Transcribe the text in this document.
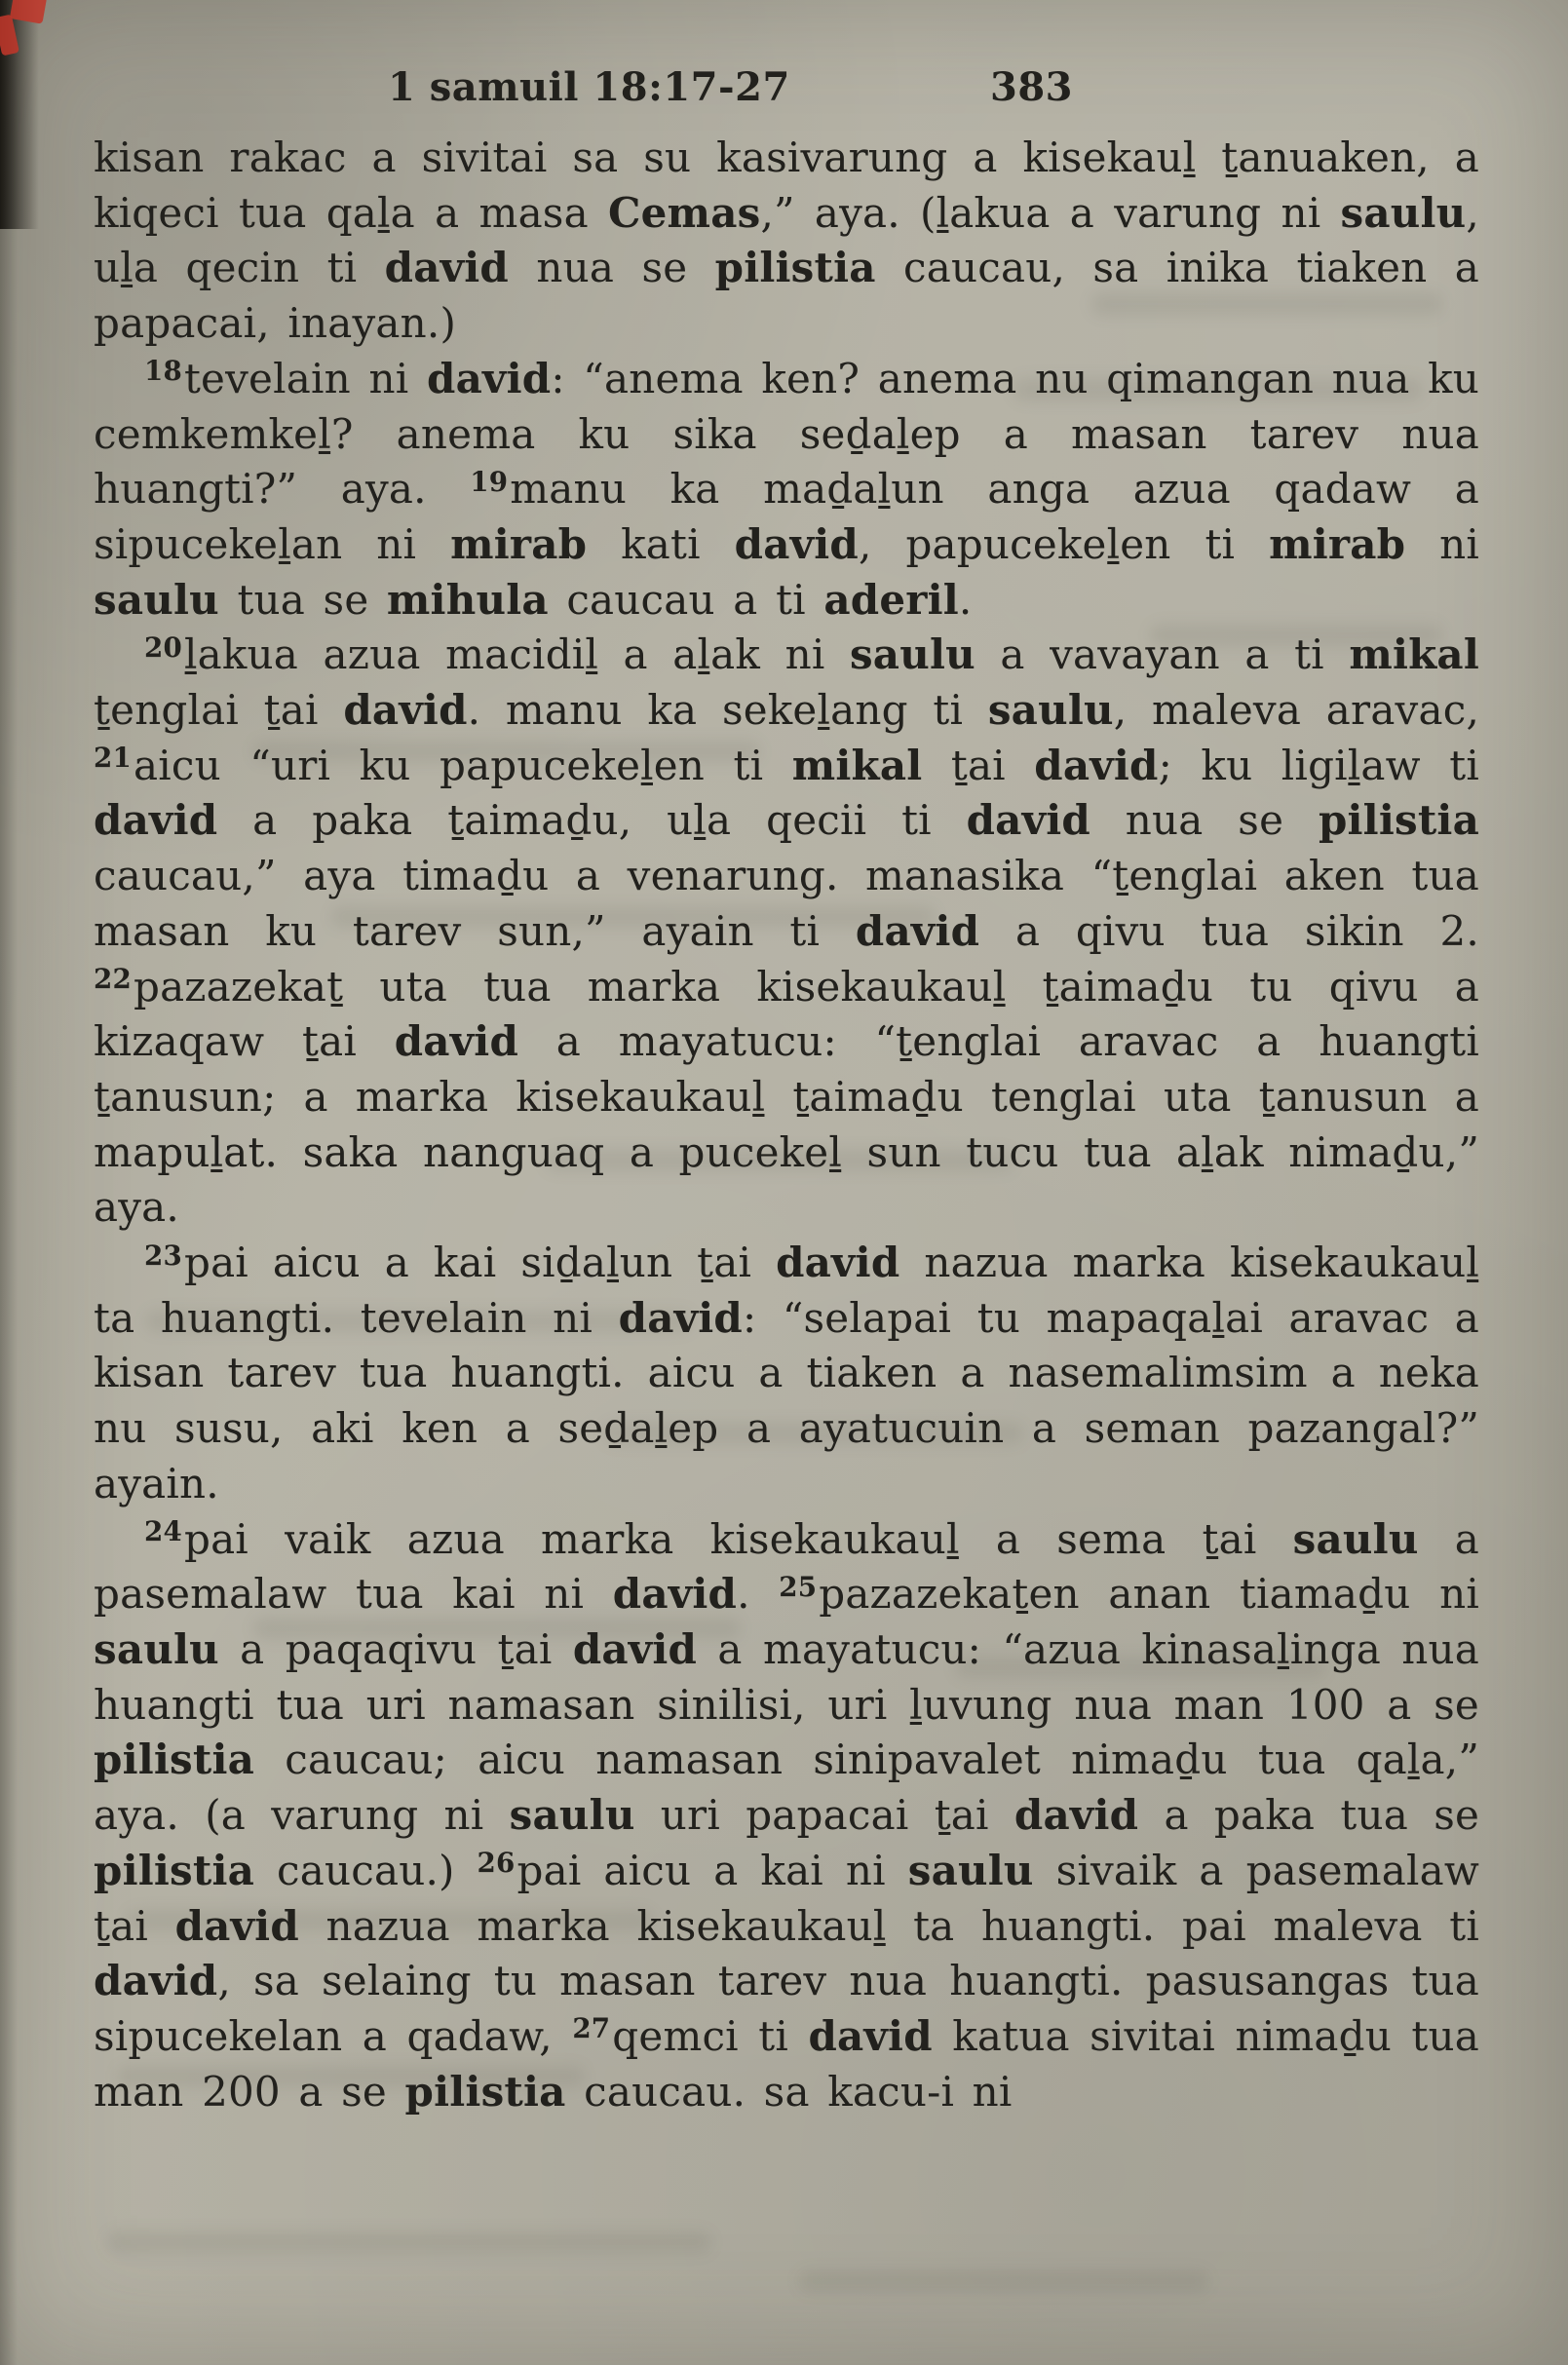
1 samuil 18:17-27	383

kisan rakac a sivitai sa su kasivarung a kisekauḻ ṯanuaken, a kiqeci tua qaḻa a masa Cemas,” aya. (ḻakua a varung ni saulu, uḻa qecin ti david nua se pilistia caucau, sa inika tiaken a papacai, inayan.)

$^{18}$tevelain ni david: “anema ken? anema nu qimangan nua ku cemkemkeḻ? anema ku sika seḏaḻep a masan tarev nua huangti?” aya. $^{19}$manu ka maḏaḻun anga azua qadaw a sipucekeḻan ni mirab kati david, papucekeḻen ti mirab ni saulu tua se mihula caucau a ti aderil.

$^{20}$ḻakua azua macidiḻ a aḻak ni saulu a vavayan a ti mikal ṯenglai ṯai david. manu ka sekeḻang ti saulu, maleva aravac, $^{21}$aicu “uri ku papucekeḻen ti mikal ṯai david; ku ligiḻaw ti david a paka ṯaimaḏu, uḻa qecii ti david nua se pilistia caucau,” aya timaḏu a venarung. manasika “ṯenglai aken tua masan ku tarev sun,” ayain ti david a qivu tua sikin 2. $^{22}$pazazekaṯ uta tua marka kisekaukauḻ ṯaimaḏu tu qivu a kizaqaw ṯai david a mayatucu: “ṯenglai aravac a huangti ṯanusun; a marka kisekaukauḻ ṯaimaḏu tenglai uta ṯanusun a mapuḻat. saka nanguaq a pucekeḻ sun tucu tua aḻak nimaḏu,” aya.

$^{23}$pai aicu a kai siḏaḻun ṯai david nazua marka kisekaukauḻ ta huangti. tevelain ni david: “selapai tu mapaqaḻai aravac a kisan tarev tua huangti. aicu a tiaken a nasemalimsim a neka nu susu, aki ken a seḏaḻep a ayatucuin a seman pazangal?” ayain.

$^{24}$pai vaik azua marka kisekaukauḻ a sema ṯai saulu a pasemalaw tua kai ni david. $^{25}$pazazekaṯen anan tiamaḏu ni saulu a paqaqivu ṯai david a mayatucu: “azua kinasaḻinga nua huangti tua uri namasan sinilisi, uri ḻuvung nua man 100 a se pilistia caucau; aicu namasan sinipavalet nimaḏu tua qaḻa,” aya. (a varung ni saulu uri papacai ṯai david a paka tua se pilistia caucau.) $^{26}$pai aicu a kai ni saulu sivaik a pasemalaw ṯai david nazua marka kisekaukauḻ ta huangti. pai maleva ti david, sa selaing tu masan tarev nua huangti. pasusangas tua sipucekelan a qadaw, $^{27}$qemci ti david katua sivitai nimaḏu tua man 200 a se pilistia caucau. sa kacu-i ni
